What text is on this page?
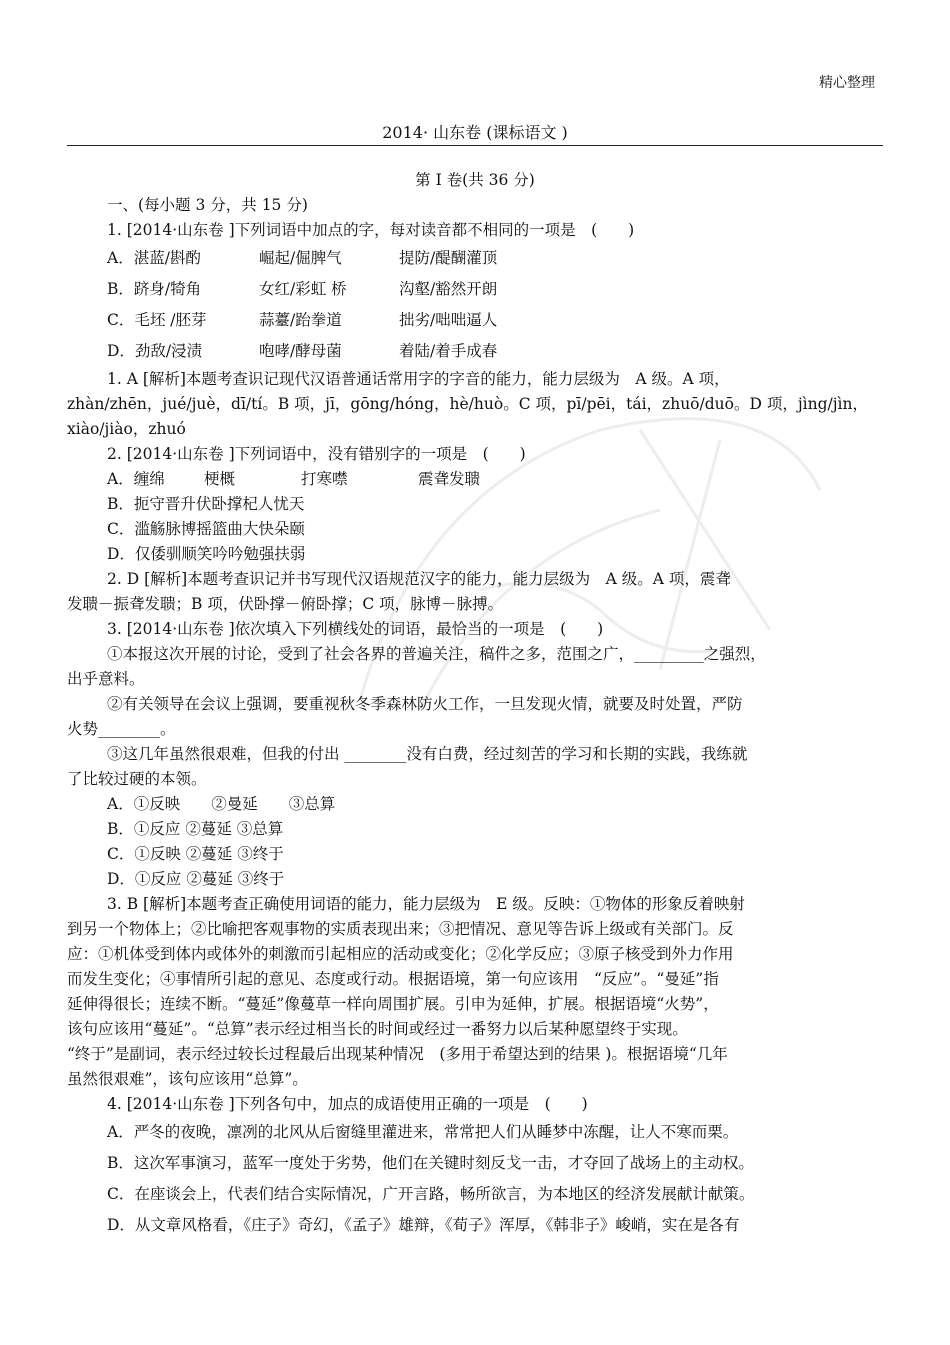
精心整理
2014· 山东卷 (课标语文 )

第 I 卷(共 36 分)

一、(每小题 3 分，共 15 分)

1. [2014·山东卷 ]下列词语中加点的字，每对读音都不相同的一项是　(　　)

A．湛蓝/斟酌	崛起/倔脾气	提防/醍醐灌顶
B．跻身/犄角	女红/彩虹 桥	沟壑/豁然开朗
C．毛坯 /胚芽	蒜薹/跆拳道	拙劣/咄咄逼人
D．劲敌/浸渍	咆哮/酵母菌	着陆/着手成春

1. A [解析]本题考查识记现代汉语普通话常用字的字音的能力，能力层级为　A 级。A 项，

zhàn/zhēn，jué/juè，dī/tí。B 项，jī，gōng/hóng，hè/huò。C 项，pī/pēi，tái，zhuō/duō。D 项，jìng/jìn，

xiào/jiào，zhuó

2. [2014·山东卷 ]下列词语中，没有错别字的一项是　(　　)

A．缠绵	梗概	打寒噤	震聋发聩

B．扼守晋升伏卧撑杞人忧天

C．滥觞脉博摇篮曲大快朵颐

D．仅倭驯顺笑吟吟勉强扶弱

2. D [解析]本题考查识记并书写现代汉语规范汉字的能力，能力层级为　A 级。A 项，震聋

发聩－振聋发聩；B 项，伏卧撑－俯卧撑；C 项，脉博－脉搏。

3. [2014·山东卷 ]依次填入下列横线处的词语，最恰当的一项是　(　　)

①本报这次开展的讨论，受到了社会各界的普遍关注，稿件之多，范围之广，_________之强烈，

出乎意料。

②有关领导在会议上强调，要重视秋冬季森林防火工作，一旦发现火情，就要及时处置，严防

火势________。

③这几年虽然很艰难，但我的付出 ________没有白费，经过刻苦的学习和长期的实践，我练就

了比较过硬的本领。

A．①反映　　②曼延　　③总算

B．①反应 ②蔓延 ③总算

C．①反映 ②蔓延 ③终于

D．①反应 ②蔓延 ③终于

3. B [解析]本题考查正确使用词语的能力，能力层级为　E 级。反映：①物体的形象反着映射

到另一个物体上；②比喻把客观事物的实质表现出来；③把情况、意见等告诉上级或有关部门。反

应：①机体受到体内或体外的刺激而引起相应的活动或变化；②化学反应；③原子核受到外力作用

而发生变化；④事情所引起的意见、态度或行动。根据语境，第一句应该用　“反应”。“曼延”指

延伸得很长；连续不断。“蔓延”像蔓草一样向周围扩展。引申为延伸，扩展。根据语境“火势”，

该句应该用“蔓延”。“总算”表示经过相当长的时间或经过一番努力以后某种愿望终于实现。

“终于”是副词，表示经过较长过程最后出现某种情况　(多用于希望达到的结果 )。根据语境“几年

虽然很艰难”，该句应该用“总算”。

4. [2014·山东卷 ]下列各句中，加点的成语使用正确的一项是　(　　)

A．严冬的夜晚，凛冽的北风从后窗缝里灌进来，常常把人们从睡梦中冻醒，让人不寒而栗。

B．这次军事演习，蓝军一度处于劣势，他们在关键时刻反戈一击，才夺回了战场上的主动权。

C．在座谈会上，代表们结合实际情况，广开言路，畅所欲言，为本地区的经济发展献计献策。

D．从文章风格看，《庄子》奇幻，《孟子》雄辩，《荀子》浑厚，《韩非子》峻峭，实在是各有
